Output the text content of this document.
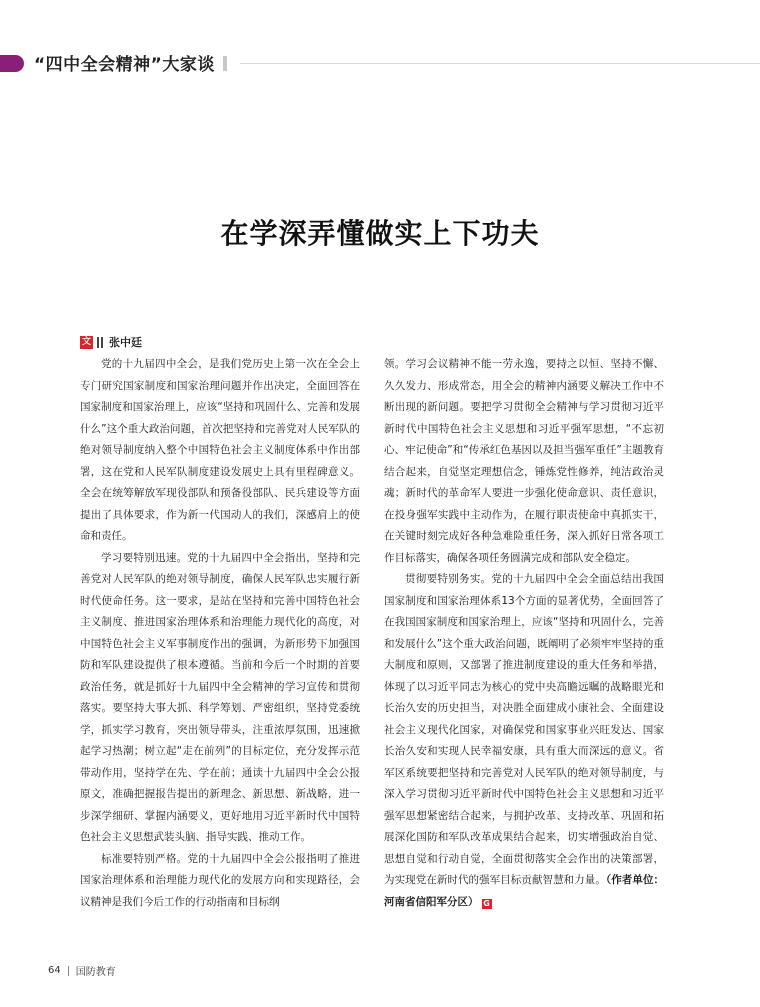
“四中全会精神”大家谈
在学深弄懂做实上下功夫
文 张中廷

党的十九届四中全会，是我们党历史上第一次在全会上专门研究国家制度和国家治理问题并作出决定，全面回答在国家制度和国家治理上，应该“坚持和巩固什么、完善和发展什么”这个重大政治问题，首次把坚持和完善党对人民军队的绝对领导制度纳入整个中国特色社会主义制度体系中作出部署，这在党和人民军队制度建设发展史上具有里程碑意义。全会在统筹解放军现役部队和预备役部队、民兵建设等方面提出了具体要求，作为新一代国动人的我们，深感肩上的使命和责任。

学习要特别迅速。党的十九届四中全会指出，坚持和完善党对人民军队的绝对领导制度，确保人民军队忠实履行新时代使命任务。这一要求，是站在坚持和完善中国特色社会主义制度、推进国家治理体系和治理能力现代化的高度，对中国特色社会主义军事制度作出的强调，为新形势下加强国防和军队建设提供了根本遵循。当前和今后一个时期的首要政治任务，就是抓好十九届四中全会精神的学习宣传和贯彻落实。要坚持大事大抓、科学筹划、严密组织，坚持党委统学，抓实学习教育，突出领导带头，注重浓厚氛围，迅速掀起学习热潮；树立起“走在前列”的目标定位，充分发挥示范带动作用，坚持学在先、学在前；通读十九届四中全会公报原文，准确把握报告提出的新理念、新思想、新战略，进一步深学细研、掌握内涵要义，更好地用习近平新时代中国特色社会主义思想武装头脑、指导实践、推动工作。

标准要特别严格。党的十九届四中全会公报指明了推进国家治理体系和治理能力现代化的发展方向和实现路径，会议精神是我们今后工作的行动指南和目标纲

领。学习会议精神不能一劳永逸，要持之以恒、坚持不懈、久久发力、形成常态，用全会的精神内涵要义解决工作中不断出现的新问题。要把学习贯彻全会精神与学习贯彻习近平新时代中国特色社会主义思想和习近平强军思想，“不忘初心、牢记使命”和“传承红色基因以及担当强军重任”主题教育结合起来，自觉坚定理想信念，锤炼党性修养，纯洁政治灵魂；新时代的革命军人要进一步强化使命意识、责任意识，在投身强军实践中主动作为，在履行职责使命中真抓实干，在关键时刻完成好各种急难险重任务，深入抓好日常各项工作目标落实，确保各项任务圆满完成和部队安全稳定。

贯彻要特别务实。党的十九届四中全会全面总结出我国国家制度和国家治理体系13个方面的显著优势，全面回答了在我国国家制度和国家治理上，应该“坚持和巩固什么，完善和发展什么”这个重大政治问题，既阐明了必须牢牢坚持的重大制度和原则，又部署了推进制度建设的重大任务和举措，体现了以习近平同志为核心的党中央高瞻远瞩的战略眼光和长治久安的历史担当，对决胜全面建成小康社会、全面建设社会主义现代化国家，对确保党和国家事业兴旺发达、国家长治久安和实现人民幸福安康，具有重大而深远的意义。省军区系统要把坚持和完善党对人民军队的绝对领导制度，与深入学习贯彻习近平新时代中国特色社会主义思想和习近平强军思想紧密结合起来，与拥护改革、支持改革、巩固和拓展深化国防和军队改革成果结合起来，切实增强政治自觉、思想自觉和行动自觉，全面贯彻落实全会作出的决策部署，为实现党在新时代的强军目标贡献智慧和力量。（作者单位：河南省信阳军分区） G

64 国防教育
